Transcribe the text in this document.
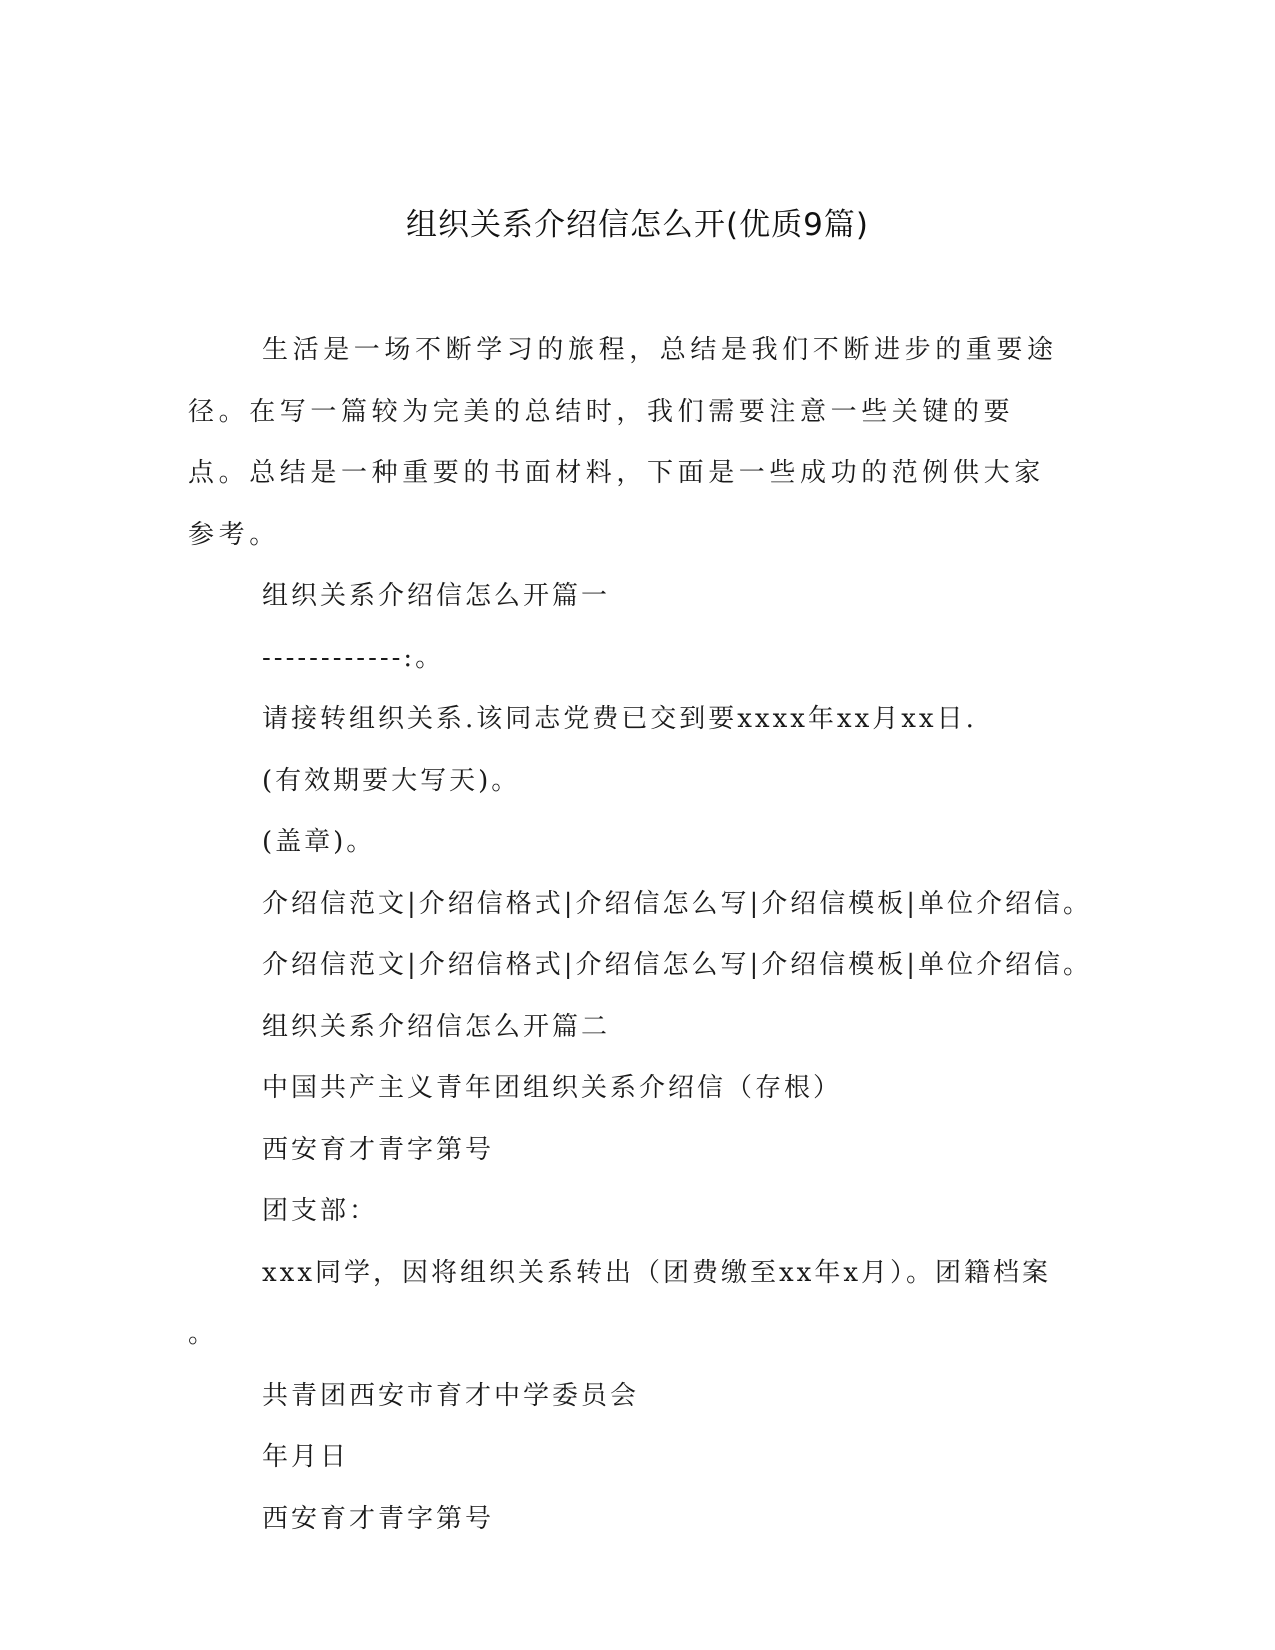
组织关系介绍信怎么开(优质9篇)

生活是一场不断学习的旅程，总结是我们不断进步的重要途径。在写一篇较为完美的总结时，我们需要注意一些关键的要点。总结是一种重要的书面材料，下面是一些成功的范例供大家参考。

组织关系介绍信怎么开篇一

------------:。

请接转组织关系.该同志党费已交到要xxxx年xx月xx日.

(有效期要大写天)。

(盖章)。

介绍信范文|介绍信格式|介绍信怎么写|介绍信模板|单位介绍信。

介绍信范文|介绍信格式|介绍信怎么写|介绍信模板|单位介绍信。

组织关系介绍信怎么开篇二

中国共产主义青年团组织关系介绍信（存根）

西安育才青字第号

团支部：

xxx同学，因将组织关系转出（团费缴至xx年x月）。团籍档案

。

共青团西安市育才中学委员会

年月日

西安育才青字第号
